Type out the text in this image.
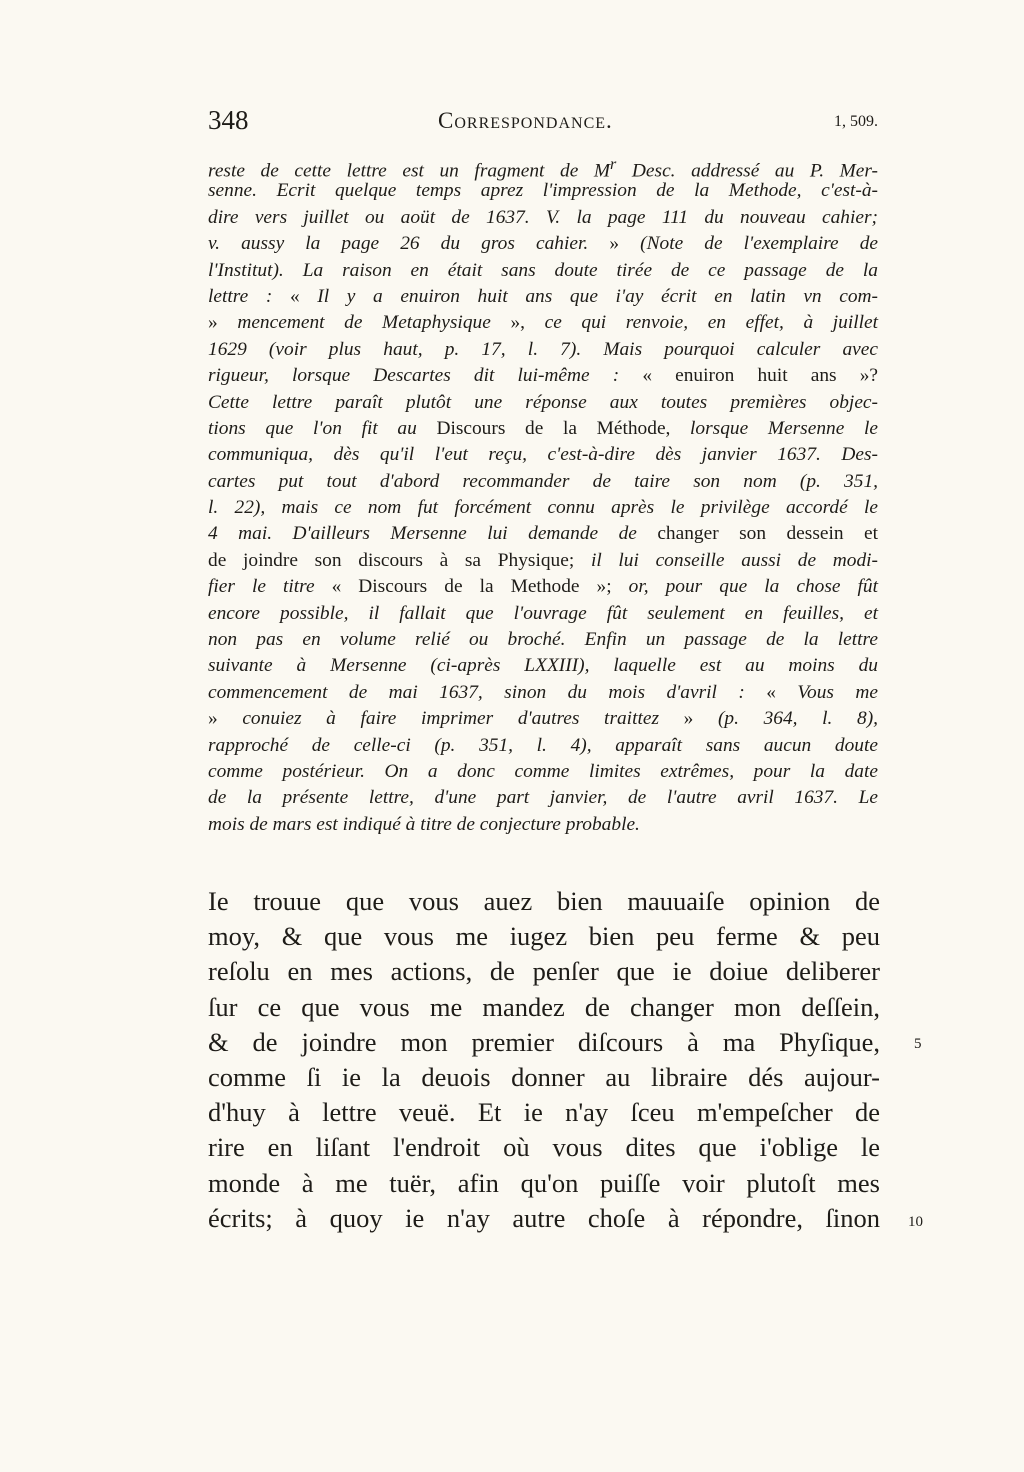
348	Correspondance.	1, 509.
reste de cette lettre est un fragment de $M^r$ Desc. addressé au P. Mer-
senne. Ecrit quelque temps aprez l'impression de la Methode, c'est-à-
dire vers juillet ou aoüt de 1637. V. la page 111 du nouveau cahier;
v. aussy la page 26 du gros cahier. » (Note de l'exemplaire de
l'Institut). La raison en était sans doute tirée de ce passage de la
lettre : « Il y a enuiron huit ans que i'ay écrit en latin vn com-
» mencement de Metaphysique », ce qui renvoie, en effet, à juillet
1629 (voir plus haut, p. 17, l. 7). Mais pourquoi calculer avec
rigueur, lorsque Descartes dit lui-même : « enuiron huit ans »?
Cette lettre paraît plutôt une réponse aux toutes premières objec-
tions que l'on fit au Discours de la Méthode, lorsque Mersenne le
communiqua, dès qu'il l'eut reçu, c'est-à-dire dès janvier 1637. Des-
cartes put tout d'abord recommander de taire son nom (p. 351,
l. 22), mais ce nom fut forcément connu après le privilège accordé le
4 mai. D'ailleurs Mersenne lui demande de changer son dessein et
de joindre son discours à sa Physique; il lui conseille aussi de modi-
fier le titre « Discours de la Methode »; or, pour que la chose fût
encore possible, il fallait que l'ouvrage fût seulement en feuilles, et
non pas en volume relié ou broché. Enfin un passage de la lettre
suivante à Mersenne (ci-après LXXIII), laquelle est au moins du
commencement de mai 1637, sinon du mois d'avril : « Vous me
» conuiez à faire imprimer d'autres traittez » (p. 364, l. 8),
rapproché de celle-ci (p. 351, l. 4), apparaît sans aucun doute
comme postérieur. On a donc comme limites extrêmes, pour la date
de la présente lettre, d'une part janvier, de l'autre avril 1637. Le
mois de mars est indiqué à titre de conjecture probable.
Ie trouue que vous auez bien mauuaiſe opinion de
moy, & que vous me iugez bien peu ferme & peu
reſolu en mes actions, de penſer que ie doiue deliberer
ſur ce que vous me mandez de changer mon deſſein,
& de joindre mon premier diſcours à ma Phyſique,
comme ſi ie la deuois donner au libraire dés aujour-
d'huy à lettre veuë. Et ie n'ay ſceu m'empeſcher de
rire en liſant l'endroit où vous dites que i'oblige le
monde à me tuër, afin qu'on puiſſe voir plutoſt mes
écrits; à quoy ie n'ay autre choſe à répondre, ſinon
5
10
